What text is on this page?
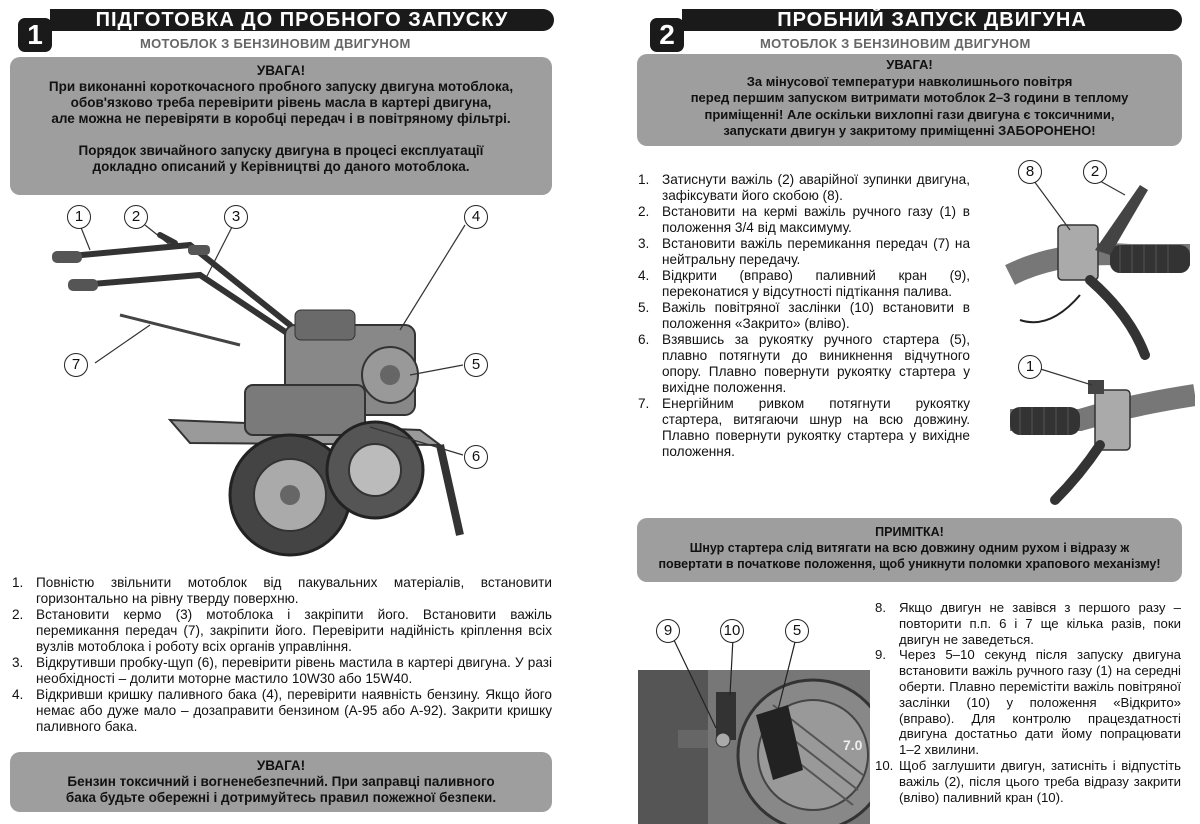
1	ПІДГОТОВКА ДО ПРОБНОГО ЗАПУСКУ
МОТОБЛОК З БЕНЗИНОВИМ ДВИГУНОМ
УВАГА!
При виконанні короткочасного пробного запуску двигуна мотоблока,
обов'язково треба перевірити рівень масла в картері двигуна,
але можна не перевіряти в коробці передач і в повітряному фільтрі.
Порядок звичайного запуску двигуна в процесі експлуатації
докладно описаний у Керівництві до даного мотоблока.
1	2	3	4
5
6
7
1. Повністю звільнити мотоблок від пакувальних матеріалів, встановити горизонтально на рівну тверду поверхню.
2. Встановити кермо (3) мотоблока і закріпити його. Встановити важіль перемикання передач (7), закріпити його. Перевірити надійність кріплення всіх вузлів мотоблока і роботу всіх органів управління.
3. Відкрутивши пробку-щуп (6), перевірити рівень мастила в картері двигуна. У разі необхідності – долити моторне мастило 10W30 або 15W40.
4. Відкривши кришку паливного бака (4), перевірити наявність бензину. Якщо його немає або дуже мало – дозаправити бензином (А-95 або А-92). Закрити кришку паливного бака.
УВАГА!
Бензин токсичний і вогненебезпечний. При заправці паливного
бака будьте обережні і дотримуйтесь правил пожежної безпеки.
2	ПРОБНИЙ ЗАПУСК ДВИГУНА
МОТОБЛОК З БЕНЗИНОВИМ ДВИГУНОМ
УВАГА!
За мінусової температури навколишнього повітря
перед першим запуском витримати мотоблок 2–3 години в теплому
приміщенні! Але оскільки вихлопні гази двигуна є токсичними,
запускати двигун у закритому приміщенні ЗАБОРОНЕНО!
1. Затиснути важіль (2) аварійної зупинки двигуна, зафіксувати його скобою (8).
2. Встановити на кермі важіль ручного газу (1) в положення 3/4 від максимуму.
3. Встановити важіль перемикання передач (7) на нейтральну передачу.
4. Відкрити (вправо) паливний кран (9), переконатися у відсутності підтікання палива.
5. Важіль повітряної заслінки (10) встановити в положення «Закрито» (вліво).
6. Взявшись за рукоятку ручного стартера (5), плавно потягнути до виникнення відчутного опору. Плавно повернути рукоятку стартера у вихідне положення.
7. Енергійним ривком потягнути рукоятку стартера, витягаючи шнур на всю довжину. Плавно повернути рукоятку стартера у вихідне положення.
8	2
1
ПРИМІТКА!
Шнур стартера слід витягати на всю довжину одним рухом і відразу ж
повертати в початкове положення, щоб уникнути поломки храпового механізму!
7.0
9	10	5
8. Якщо двигун не завівся з першого разу – повторити п.п. 6 і 7 ще кілька разів, поки двигун не заведеться.
9. Через 5–10 секунд після запуску двигуна встановити важіль ручного газу (1) на середні оберти. Плавно перемістіти важіль повітряної заслінки (10) у положення «Відкрито» (вправо). Для контролю працездатності двигуна достатньо дати йому попрацювати 1–2 хвилини.
10. Щоб заглушити двигун, затисніть і відпустіть важіль (2), після цього треба відразу закрити (вліво) паливний кран (10).
